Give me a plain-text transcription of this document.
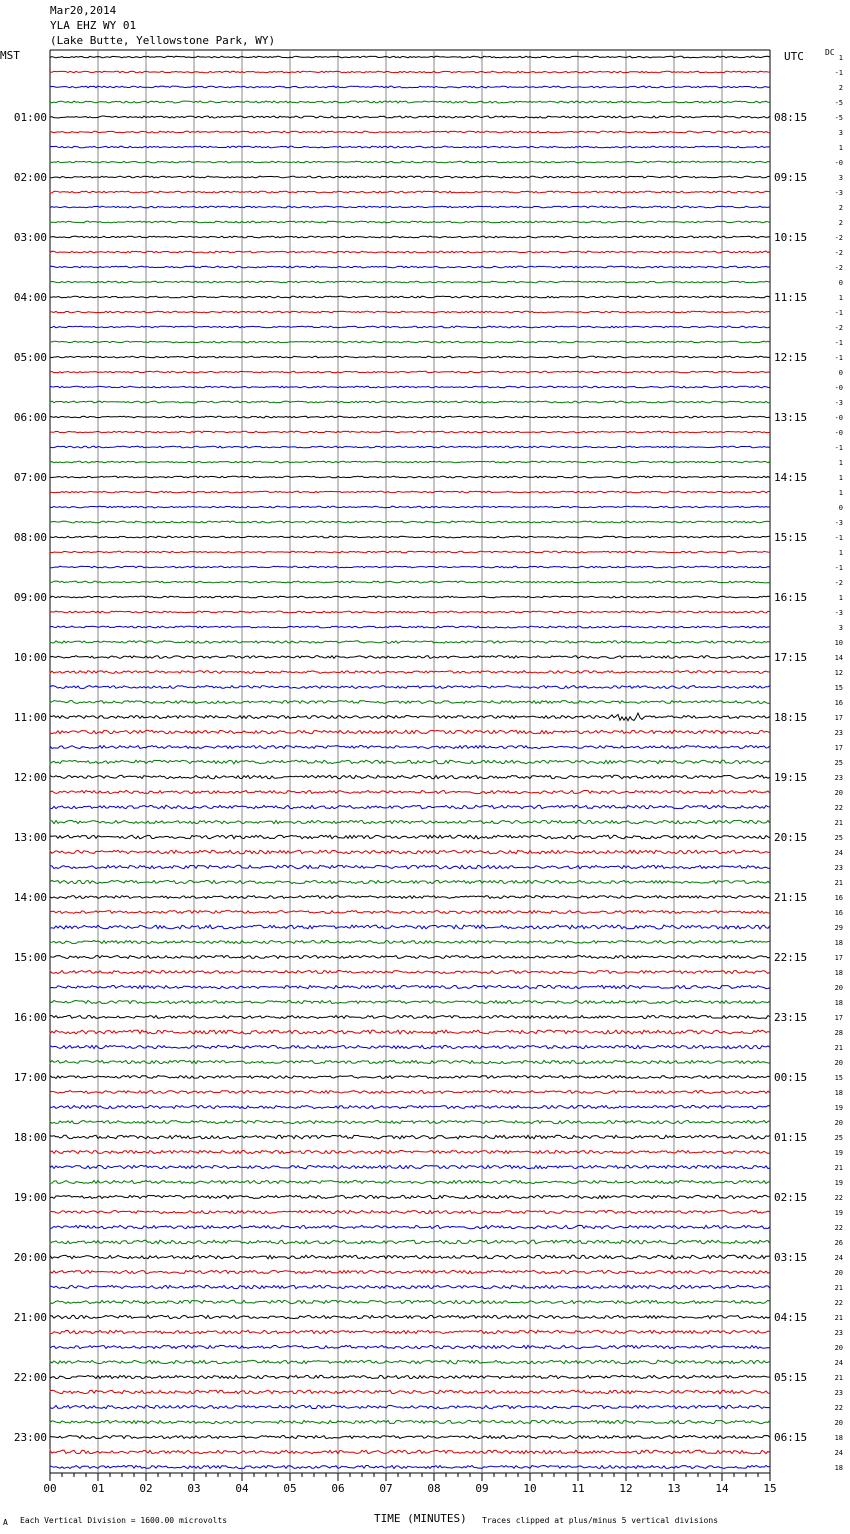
Mar20,2014
YLA EHZ WY 01
(Lake Butte, Yellowstone Park, WY)
MST	UTC	DC
1
-1
2
-5
-5
3
1
-0
3
-3
2
2
-2
-2
-2
0
1
-1
-2
-1
-1
0
-0
-3
-0
-0
-1
1
1
1
0
-3
-1
1
-1
-2
1
-3
3
10
14
12
15
16
17
23
17
25
23
20
22
21
25
24
23
21
16
16
29
18
17
18
20
18
17
28
21
20
15
18
19
20
25
19
21
19
22
19
22
26
24
20
21
22
21
23
20
24
21
23
22
20
18
24
18
01:00	08:15
02:00	09:15
03:00	10:15
04:00	11:15
05:00	12:15
06:00	13:15
07:00	14:15
08:00	15:15
09:00	16:15
10:00	17:15
11:00	18:15
12:00	19:15
13:00	20:15
14:00	21:15
15:00	22:15
16:00	23:15
17:00	00:15
18:00	01:15
19:00	02:15
20:00	03:15
21:00	04:15
22:00	05:15
23:00	06:15
00	01	02	03	04	05	06	07	08	09	10	11	12	13	14	15
A Each Vertical Division = 1600.00 microvolts	TIME (MINUTES) Traces clipped at plus/minus 5 vertical divisions
